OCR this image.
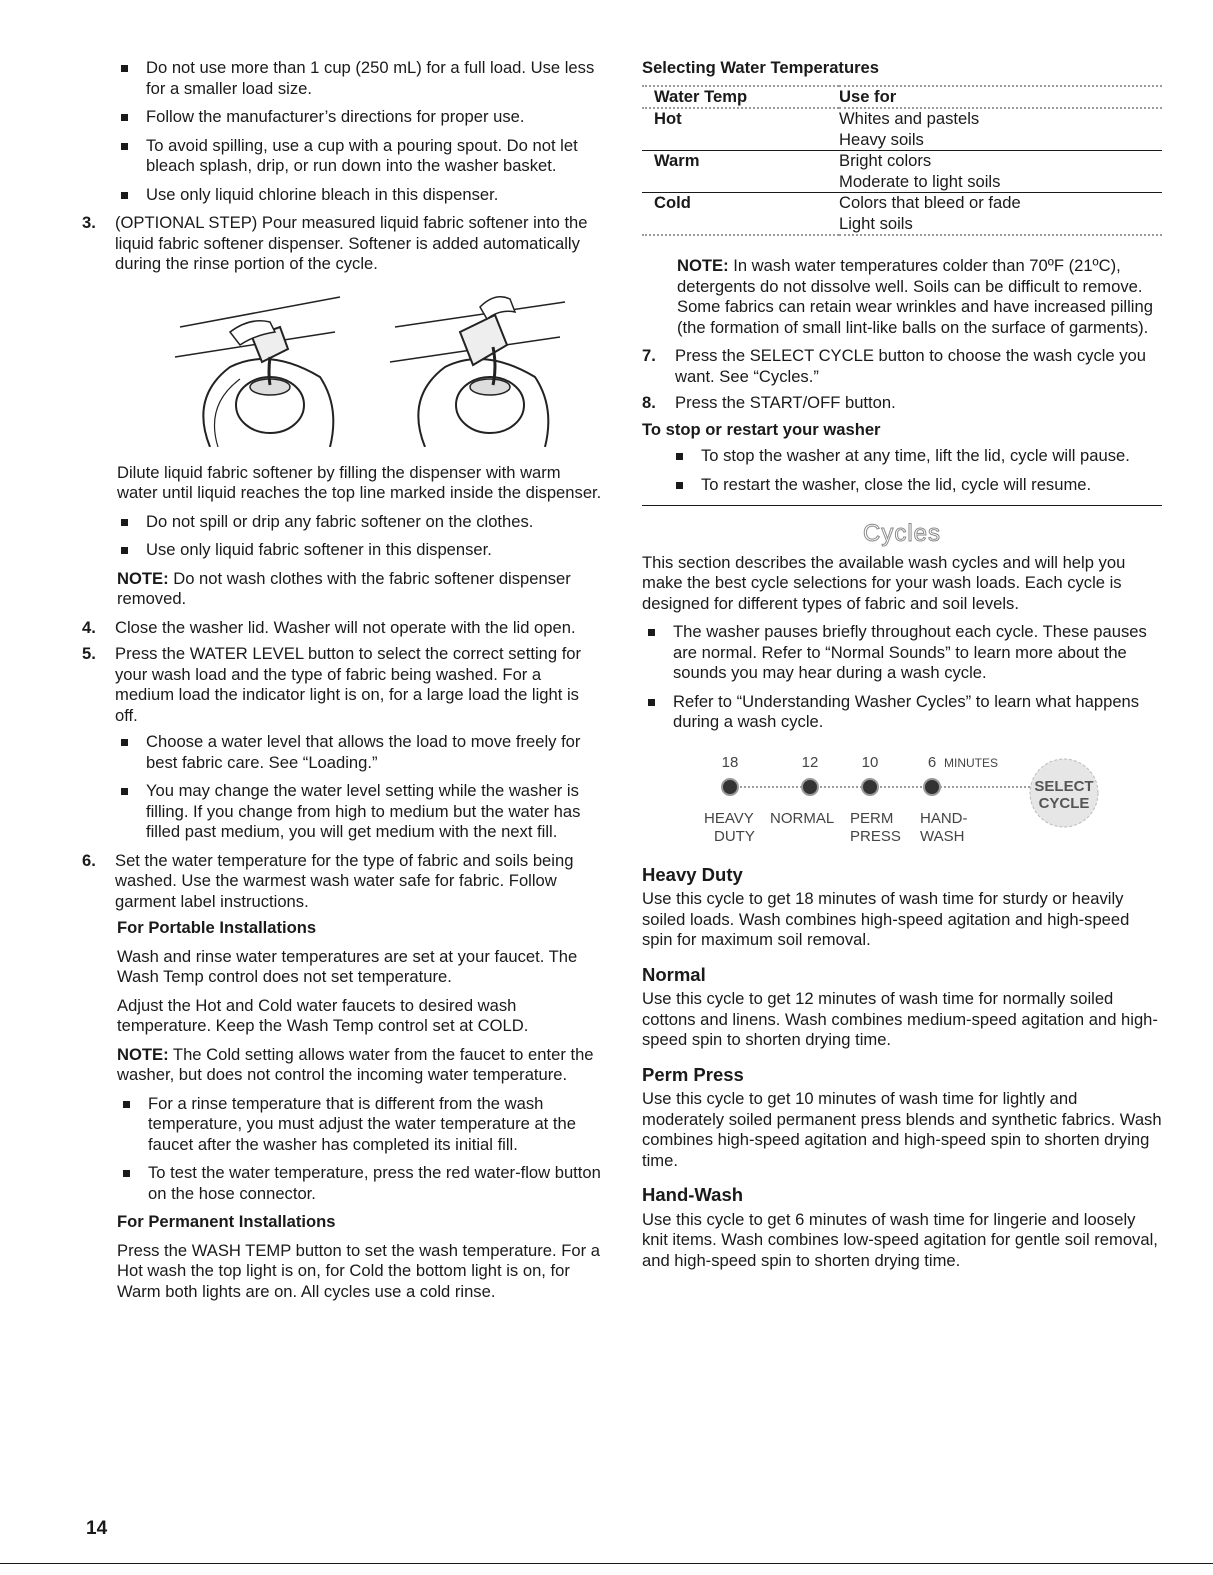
Do not use more than 1 cup (250 mL) for a full load. Use less for a smaller load size.

Follow the manufacturer’s directions for proper use.

To avoid spilling, use a cup with a pouring spout. Do not let bleach splash, drip, or run down into the washer basket.

Use only liquid chlorine bleach in this dispenser.

3. (OPTIONAL STEP) Pour measured liquid fabric softener into the liquid fabric softener dispenser. Softener is added automatically during the rinse portion of the cycle.

Dilute liquid fabric softener by filling the dispenser with warm water until liquid reaches the top line marked inside the dispenser.

Do not spill or drip any fabric softener on the clothes.

Use only liquid fabric softener in this dispenser.

NOTE: Do not wash clothes with the fabric softener dispenser removed.

4. Close the washer lid. Washer will not operate with the lid open.
5. Press the WATER LEVEL button to select the correct setting for your wash load and the type of fabric being washed. For a medium load the indicator light is on, for a large load the light is off.

Choose a water level that allows the load to move freely for best fabric care. See “Loading.”

You may change the water level setting while the washer is filling. If you change from high to medium but the water has filled past medium, you will get medium with the next fill.

6. Set the water temperature for the type of fabric and soils being washed. Use the warmest wash water safe for fabric. Follow garment label instructions.

For Portable Installations

Wash and rinse water temperatures are set at your faucet. The Wash Temp control does not set temperature.

Adjust the Hot and Cold water faucets to desired wash temperature. Keep the Wash Temp control set at COLD.

NOTE: The Cold setting allows water from the faucet to enter the washer, but does not control the incoming water temperature.

For a rinse temperature that is different from the wash temperature, you must adjust the water temperature at the faucet after the washer has completed its initial fill.

To test the water temperature, press the red water-flow button on the hose connector.

For Permanent Installations

Press the WASH TEMP button to set the wash temperature. For a Hot wash the top light is on, for Cold the bottom light is on, for Warm both lights are on. All cycles use a cold rinse.

Selecting Water Temperatures

Water Temp	Use for
Hot	Whites and pastels
Heavy soils

Warm	Bright colors
Moderate to light soils

Cold	Colors that bleed or fade
Light soils

NOTE: In wash water temperatures colder than 70ºF (21ºC), detergents do not dissolve well. Soils can be difficult to remove. Some fabrics can retain wear wrinkles and have increased pilling (the formation of small lint-like balls on the surface of garments).

7. Press the SELECT CYCLE button to choose the wash cycle you want. See “Cycles.”
8. Press the START/OFF button.

To stop or restart your washer

To stop the washer at any time, lift the lid, cycle will pause.

To restart the washer, close the lid, cycle will resume.

Cycles

This section describes the available wash cycles and will help you make the best cycle selections for your wash loads. Each cycle is designed for different types of fabric and soil levels.

The washer pauses briefly throughout each cycle. These pauses are normal. Refer to “Normal Sounds” to learn more about the sounds you may hear during a wash cycle.

Refer to “Understanding Washer Cycles” to learn what happens during a wash cycle.

18	12	10	6 MINUTES
HEAVY NORMAL PERM HAND-
DUTY	PRESS WASH
SELECT
CYCLE

Heavy Duty

Use this cycle to get 18 minutes of wash time for sturdy or heavily soiled loads. Wash combines high-speed agitation and high-speed spin for maximum soil removal.

Normal

Use this cycle to get 12 minutes of wash time for normally soiled cottons and linens. Wash combines medium-speed agitation and high-speed spin to shorten drying time.

Perm Press

Use this cycle to get 10 minutes of wash time for lightly and moderately soiled permanent press blends and synthetic fabrics. Wash combines high-speed agitation and high-speed spin to shorten drying time.

Hand-Wash

Use this cycle to get 6 minutes of wash time for lingerie and loosely knit items. Wash combines low-speed agitation for gentle soil removal, and high-speed spin to shorten drying time.

14
